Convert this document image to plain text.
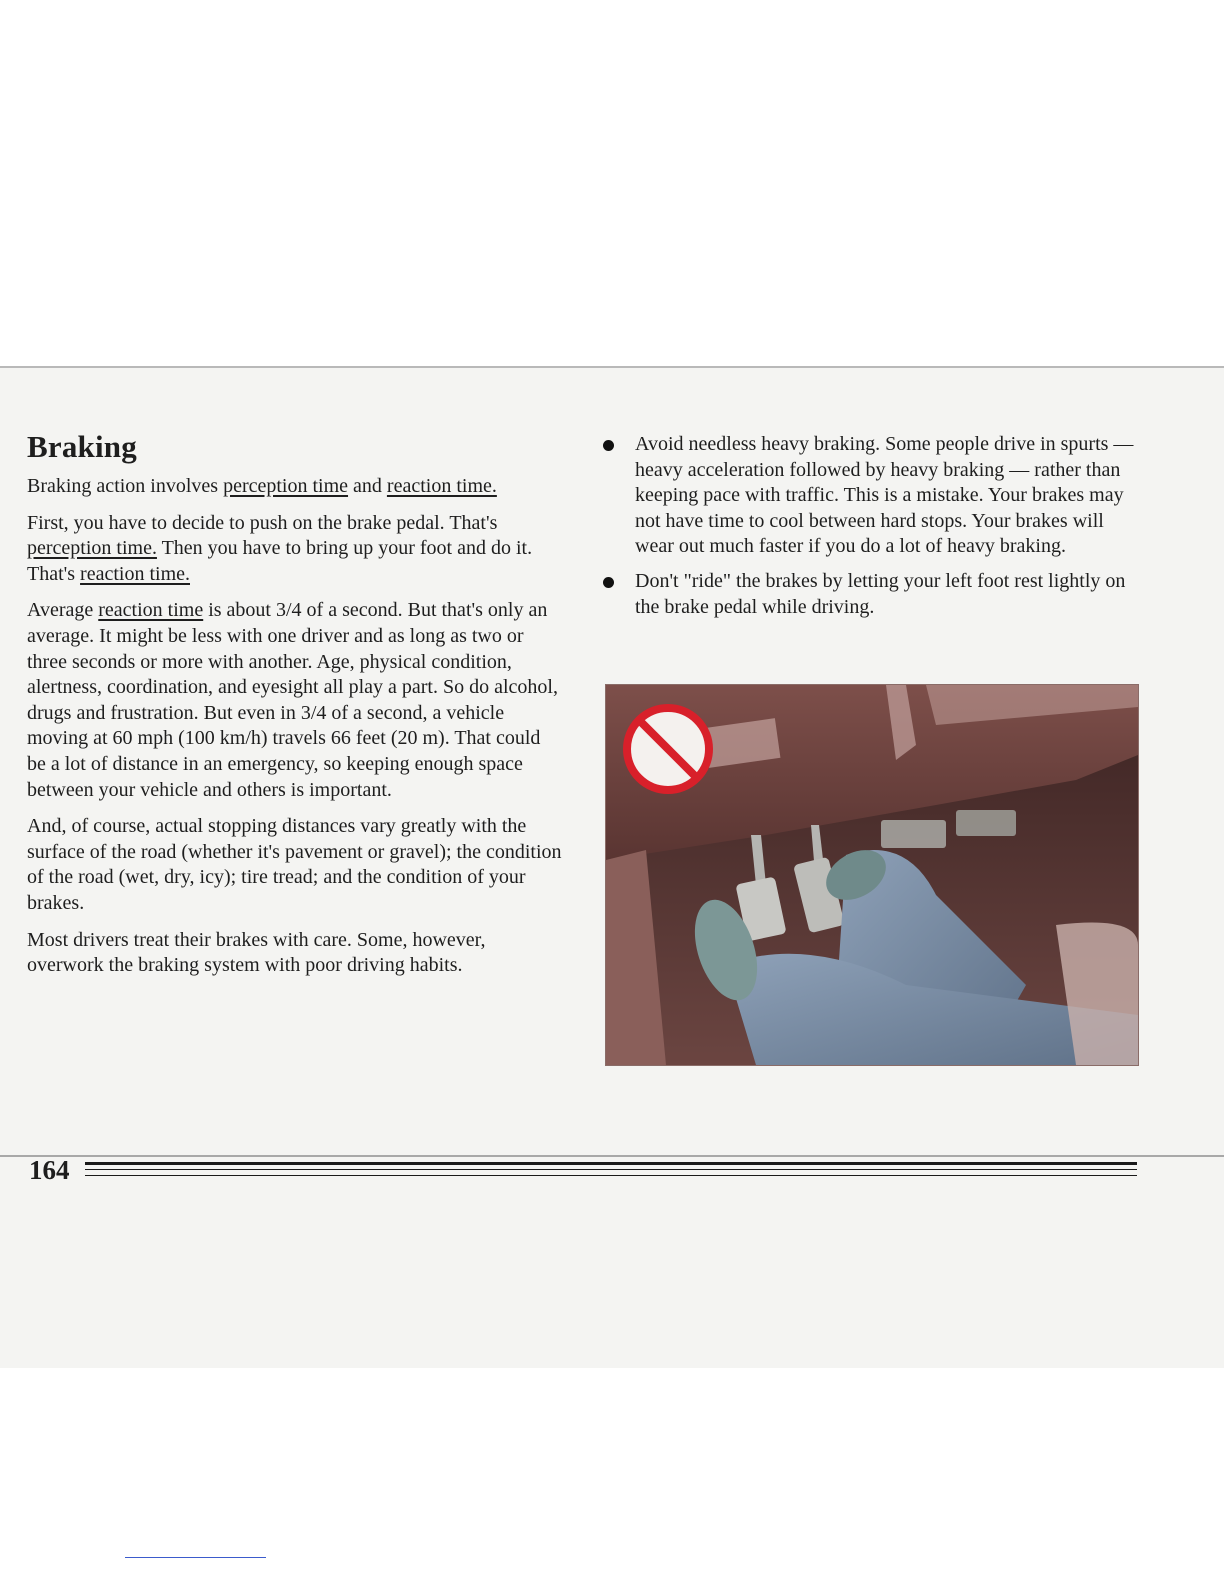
Braking

Braking action involves perception time and reaction time.

First, you have to decide to push on the brake pedal. That's perception time. Then you have to bring up your foot and do it. That's reaction time.

Average reaction time is about 3/4 of a second. But that's only an average. It might be less with one driver and as long as two or three seconds or more with another. Age, physical condition, alertness, coordination, and eyesight all play a part. So do alcohol, drugs and frustration. But even in 3/4 of a second, a vehicle moving at 60 mph (100 km/h) travels 66 feet (20 m). That could be a lot of distance in an emergency, so keeping enough space between your vehicle and others is important.

And, of course, actual stopping distances vary greatly with the surface of the road (whether it's pavement or gravel); the condition of the road (wet, dry, icy); tire tread; and the condition of your brakes.

Most drivers treat their brakes with care. Some, however, overwork the braking system with poor driving habits.

Avoid needless heavy braking. Some people drive in spurts — heavy acceleration followed by heavy braking — rather than keeping pace with traffic. This is a mistake. Your brakes may not have time to cool between hard stops. Your brakes will wear out much faster if you do a lot of heavy braking.
Don't "ride" the brakes by letting your left foot rest lightly on the brake pedal while driving.
164
